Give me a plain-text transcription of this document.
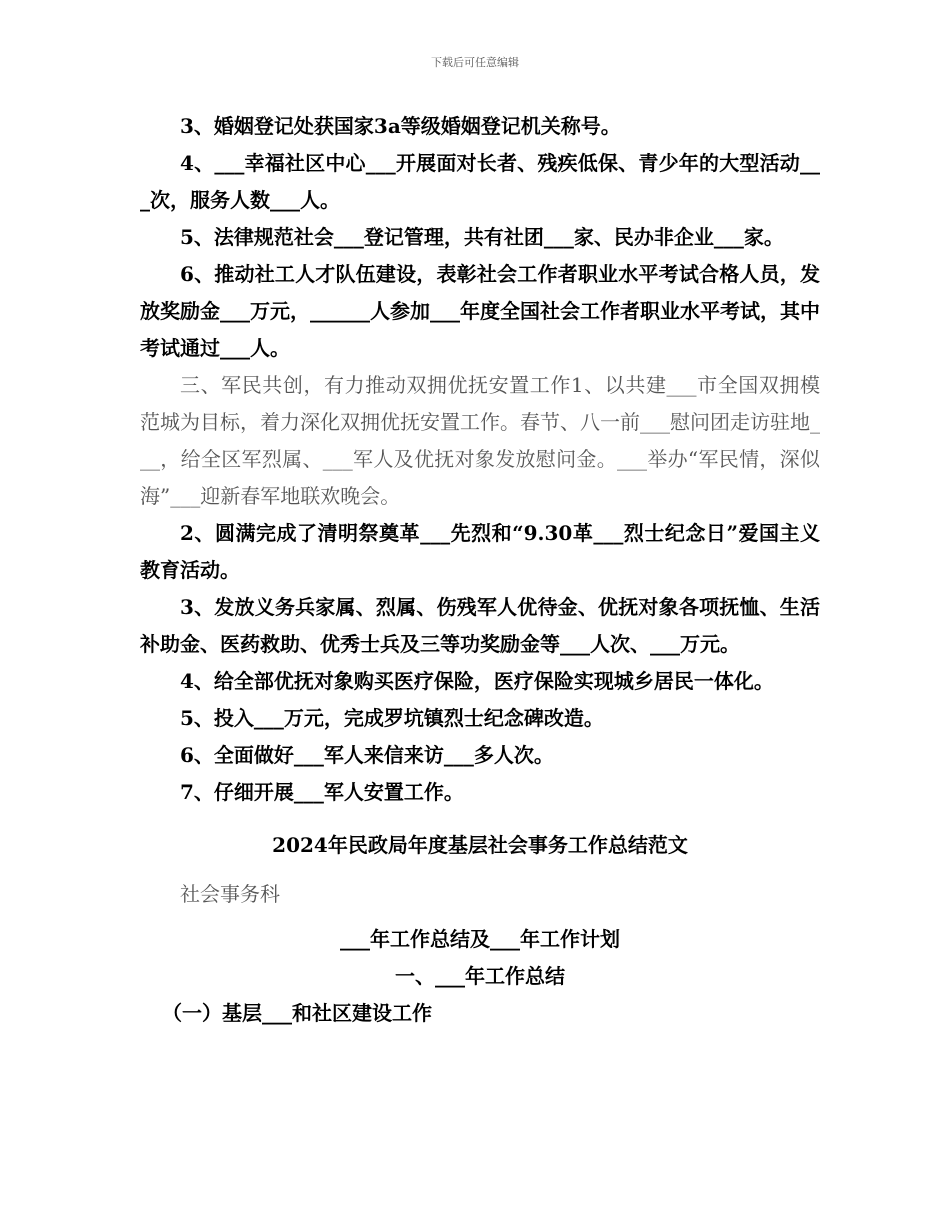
下载后可任意编辑

3、婚姻登记处获国家3a等级婚姻登记机关称号。

4、___幸福社区中心___开展面对长者、残疾低保、青少年的大型活动___次，服务人数___人。

5、法律规范社会___登记管理，共有社团___家、民办非企业___家。

6、推动社工人才队伍建设，表彰社会工作者职业水平考试合格人员，发放奖励金___万元，______人参加___年度全国社会工作者职业水平考试，其中考试通过___人。

三、军民共创，有力推动双拥优抚安置工作1、以共建___市全国双拥模范城为目标，着力深化双拥优抚安置工作。春节、八一前___慰问团走访驻地___，给全区军烈属、___军人及优抚对象发放慰问金。___举办“军民情，深似海”___迎新春军地联欢晚会。

2、圆满完成了清明祭奠革___先烈和“9.30革___烈士纪念日”爱国主义教育活动。

3、发放义务兵家属、烈属、伤残军人优待金、优抚对象各项抚恤、生活补助金、医药救助、优秀士兵及三等功奖励金等___人次、___万元。

4、给全部优抚对象购买医疗保险，医疗保险实现城乡居民一体化。

5、投入___万元，完成罗坑镇烈士纪念碑改造。

6、全面做好___军人来信来访___多人次。

7、仔细开展___军人安置工作。

2024年民政局年度基层社会事务工作总结范文

社会事务科

___年工作总结及___年工作计划

一、___年工作总结

（一）基层___和社区建设工作
